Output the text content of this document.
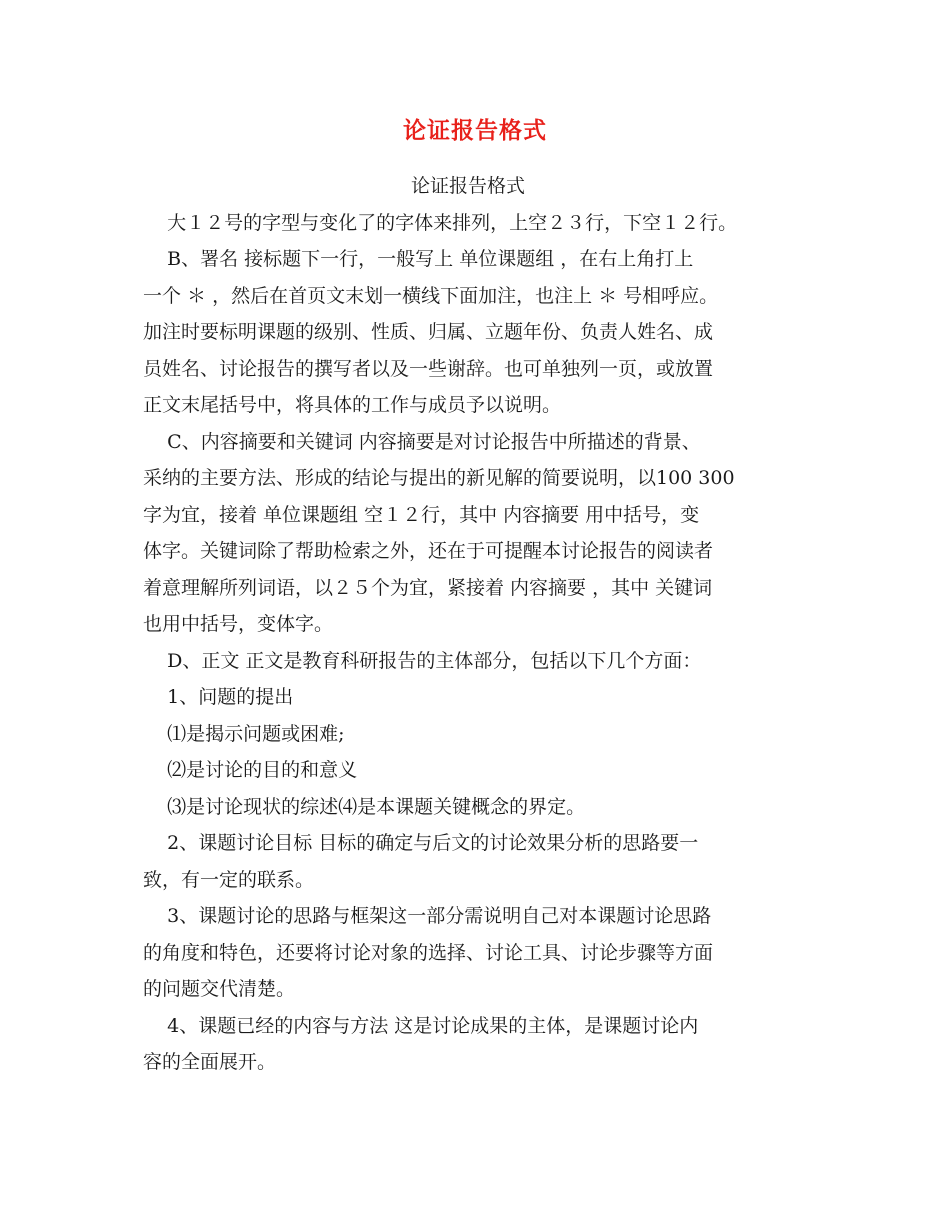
论证报告格式
论证报告格式
大１２号的字型与变化了的字体来排列，上空２３行，下空１２行。
B、署名 接标题下一行，一般写上 单位课题组 ，在右上角打上
一个 ＊ ，然后在首页文末划一横线下面加注，也注上 ＊ 号相呼应。
加注时要标明课题的级别、性质、归属、立题年份、负责人姓名、成
员姓名、讨论报告的撰写者以及一些谢辞。也可单独列一页，或放置
正文末尾括号中，将具体的工作与成员予以说明。
C、内容摘要和关键词 内容摘要是对讨论报告中所描述的背景、
采纳的主要方法、形成的结论与提出的新见解的简要说明，以100 300
字为宜，接着 单位课题组 空１２行，其中 内容摘要 用中括号，变
体字。关键词除了帮助检索之外，还在于可提醒本讨论报告的阅读者
着意理解所列词语，以２５个为宜，紧接着 内容摘要 ，其中 关键词
也用中括号，变体字。
D、正文 正文是教育科研报告的主体部分，包括以下几个方面：
1、问题的提出
⑴是揭示问题或困难;
⑵是讨论的目的和意义
⑶是讨论现状的综述⑷是本课题关键概念的界定。
2、课题讨论目标 目标的确定与后文的讨论效果分析的思路要一
致，有一定的联系。
3、课题讨论的思路与框架这一部分需说明自己对本课题讨论思路
的角度和特色，还要将讨论对象的选择、讨论工具、讨论步骤等方面
的问题交代清楚。
4、课题已经的内容与方法 这是讨论成果的主体，是课题讨论内
容的全面展开。
